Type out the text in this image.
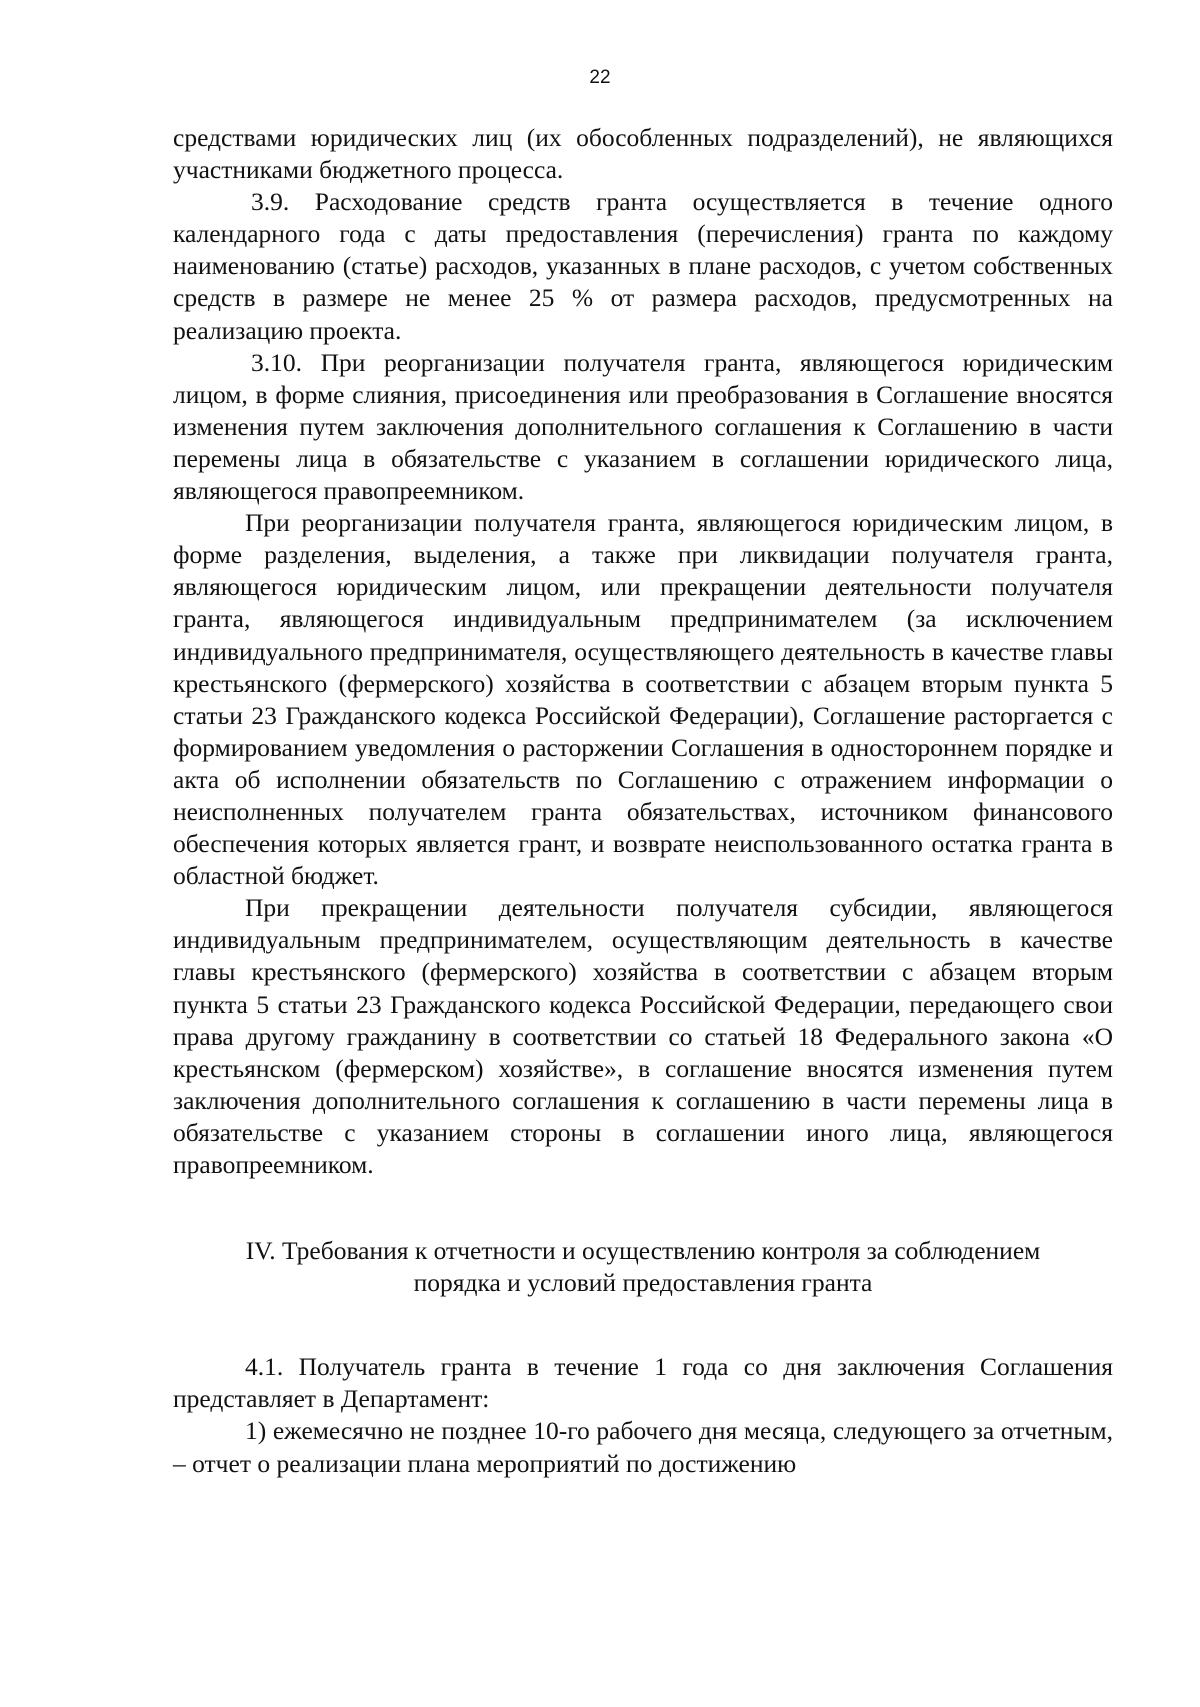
22

средствами юридических лиц (их обособленных подразделений), не являющихся участниками бюджетного процесса.

3.9. Расходование средств гранта осуществляется в течение одного календарного года с даты предоставления (перечисления) гранта по каждому наименованию (статье) расходов, указанных в плане расходов, с учетом собственных средств в размере не менее 25 % от размера расходов, предусмотренных на реализацию проекта.

3.10. При реорганизации получателя гранта, являющегося юридическим лицом, в форме слияния, присоединения или преобразования в Соглашение вносятся изменения путем заключения дополнительного соглашения к Соглашению в части перемены лица в обязательстве с указанием в соглашении юридического лица, являющегося правопреемником.

При реорганизации получателя гранта, являющегося юридическим лицом, в форме разделения, выделения, а также при ликвидации получателя гранта, являющегося юридическим лицом, или прекращении деятельности получателя гранта, являющегося индивидуальным предпринимателем (за исключением индивидуального предпринимателя, осуществляющего деятельность в качестве главы крестьянского (фермерского) хозяйства в соответствии с абзацем вторым пункта 5 статьи 23 Гражданского кодекса Российской Федерации), Соглашение расторгается с формированием уведомления о расторжении Соглашения в одностороннем порядке и акта об исполнении обязательств по Соглашению с отражением информации о неисполненных получателем гранта обязательствах, источником финансового обеспечения которых является грант, и возврате неиспользованного остатка гранта в областной бюджет.

При прекращении деятельности получателя субсидии, являющегося индивидуальным предпринимателем, осуществляющим деятельность в качестве главы крестьянского (фермерского) хозяйства в соответствии с абзацем вторым пункта 5 статьи 23 Гражданского кодекса Российской Федерации, передающего свои права другому гражданину в соответствии со статьей 18 Федерального закона «О крестьянском (фермерском) хозяйстве», в соглашение вносятся изменения путем заключения дополнительного соглашения к соглашению в части перемены лица в обязательстве с указанием стороны в соглашении иного лица, являющегося правопреемником.

IV. Требования к отчетности и осуществлению контроля за соблюдением

порядка и условий предоставления гранта

4.1. Получатель гранта в течение 1 года со дня заключения Соглашения представляет в Департамент:

1) ежемесячно не позднее 10-го рабочего дня месяца, следующего за отчетным, – отчет о реализации плана мероприятий по достижению
